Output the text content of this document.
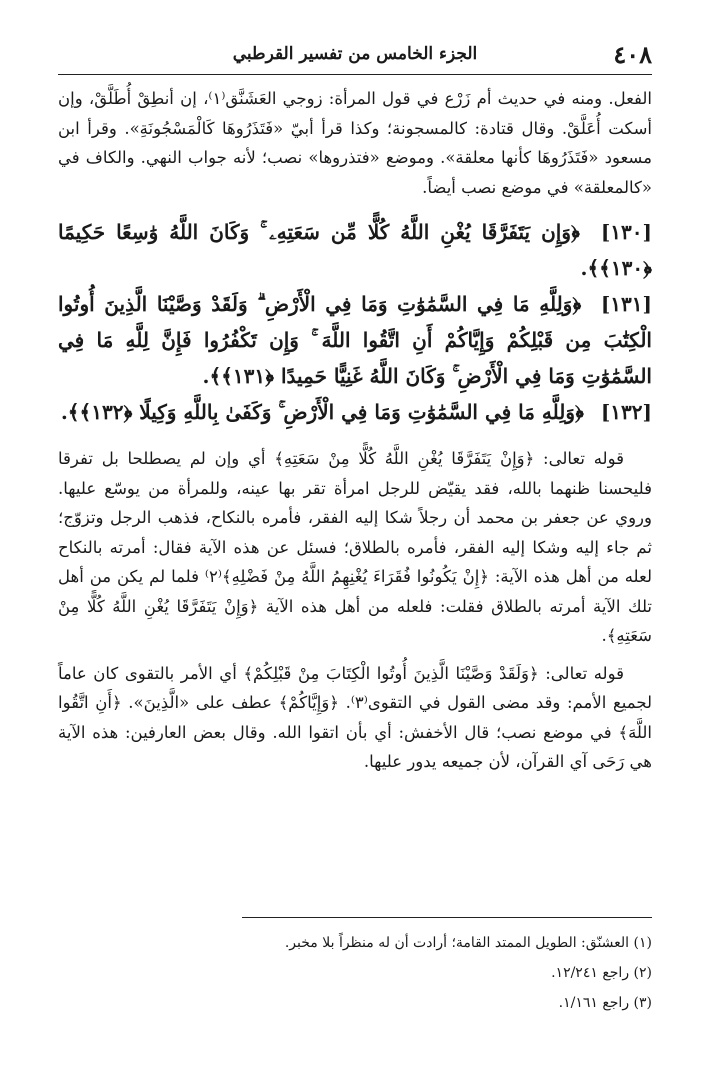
٤٠٨
الجزء الخامس من تفسير القرطبي

الفعل. ومنه في حديث أم زَرْع في قول المرأة: زوجي العَشَنَّق⁽١⁾، إن أنطِقْ أُطَلَّقْ، وإن أسكت أُعَلَّقْ. وقال قتادة: كالمسجونة؛ وكذا قرأ أبيّ «فَتَذَرُوهَا كَالْمَسْجُونَةِ». وقرأ ابن مسعود «فَتَذَرُوهَا كأنها معلقة». وموضع «فتذروها» نصب؛ لأنه جواب النهي. والكاف في «كالمعلقة» في موضع نصب أيضاً.

[١٣٠] ﴿وَإِن يَتَفَرَّقَا يُغْنِ اللَّهُ كُلًّا مِّن سَعَتِهِۦ ۚ وَكَانَ اللَّهُ وَٰسِعًا حَكِيمًا ﴿١٣٠﴾﴾.

[١٣١] ﴿وَلِلَّهِ مَا فِي السَّمَٰوَٰتِ وَمَا فِي الْأَرْضِ ۗ وَلَقَدْ وَصَّيْنَا الَّذِينَ أُوتُوا الْكِتَٰبَ مِن قَبْلِكُمْ وَإِيَّاكُمْ أَنِ اتَّقُوا اللَّهَ ۚ وَإِن تَكْفُرُوا فَإِنَّ لِلَّهِ مَا فِي السَّمَٰوَٰتِ وَمَا فِي الْأَرْضِ ۚ وَكَانَ اللَّهُ غَنِيًّا حَمِيدًا ﴿١٣١﴾﴾.

[١٣٢] ﴿وَلِلَّهِ مَا فِي السَّمَٰوَٰتِ وَمَا فِي الْأَرْضِ ۚ وَكَفَىٰ بِاللَّهِ وَكِيلًا ﴿١٣٢﴾﴾.

قوله تعالى: ﴿وَإِنْ يَتَفَرَّقَا يُغْنِ اللَّهُ كُلًّا مِنْ سَعَتِهِ﴾ أي وإن لم يصطلحا بل تفرقا فليحسنا ظنهما بالله، فقد يقيّض للرجل امرأة تقر بها عينه، وللمرأة من يوسّع عليها. وروي عن جعفر بن محمد أن رجلاً شكا إليه الفقر، فأمره بالنكاح، فذهب الرجل وتزوّج؛ ثم جاء إليه وشكا إليه الفقر، فأمره بالطلاق؛ فسئل عن هذه الآية فقال: أمرته بالنكاح لعله من أهل هذه الآية: ﴿إِنْ يَكُونُوا فُقَرَاءَ يُغْنِهِمُ اللَّهُ مِنْ فَضْلِهِ﴾⁽٢⁾ فلما لم يكن من أهل تلك الآية أمرته بالطلاق فقلت: فلعله من أهل هذه الآية ﴿وَإِنْ يَتَفَرَّقَا يُغْنِ اللَّهُ كُلًّا مِنْ سَعَتِهِ﴾.

قوله تعالى: ﴿وَلَقَدْ وَصَّيْنَا الَّذِينَ أُوتُوا الْكِتَابَ مِنْ قَبْلِكُمْ﴾ أي الأمر بالتقوى كان عاماً لجميع الأمم: وقد مضى القول في التقوى⁽٣⁾. ﴿وَإِيَّاكُمْ﴾ عطف على «الَّذِينَ». ﴿أَنِ اتَّقُوا اللَّهَ﴾ في موضع نصب؛ قال الأخفش: أي بأن اتقوا الله. وقال بعض العارفين: هذه الآية هي رَحَى آي القرآن، لأن جميعه يدور عليها.

(١) العشنّق: الطويل الممتد القامة؛ أرادت أن له منظراً بلا مخبر.

(٢) راجع ١٢/٢٤١.

(٣) راجع ١/١٦١.
